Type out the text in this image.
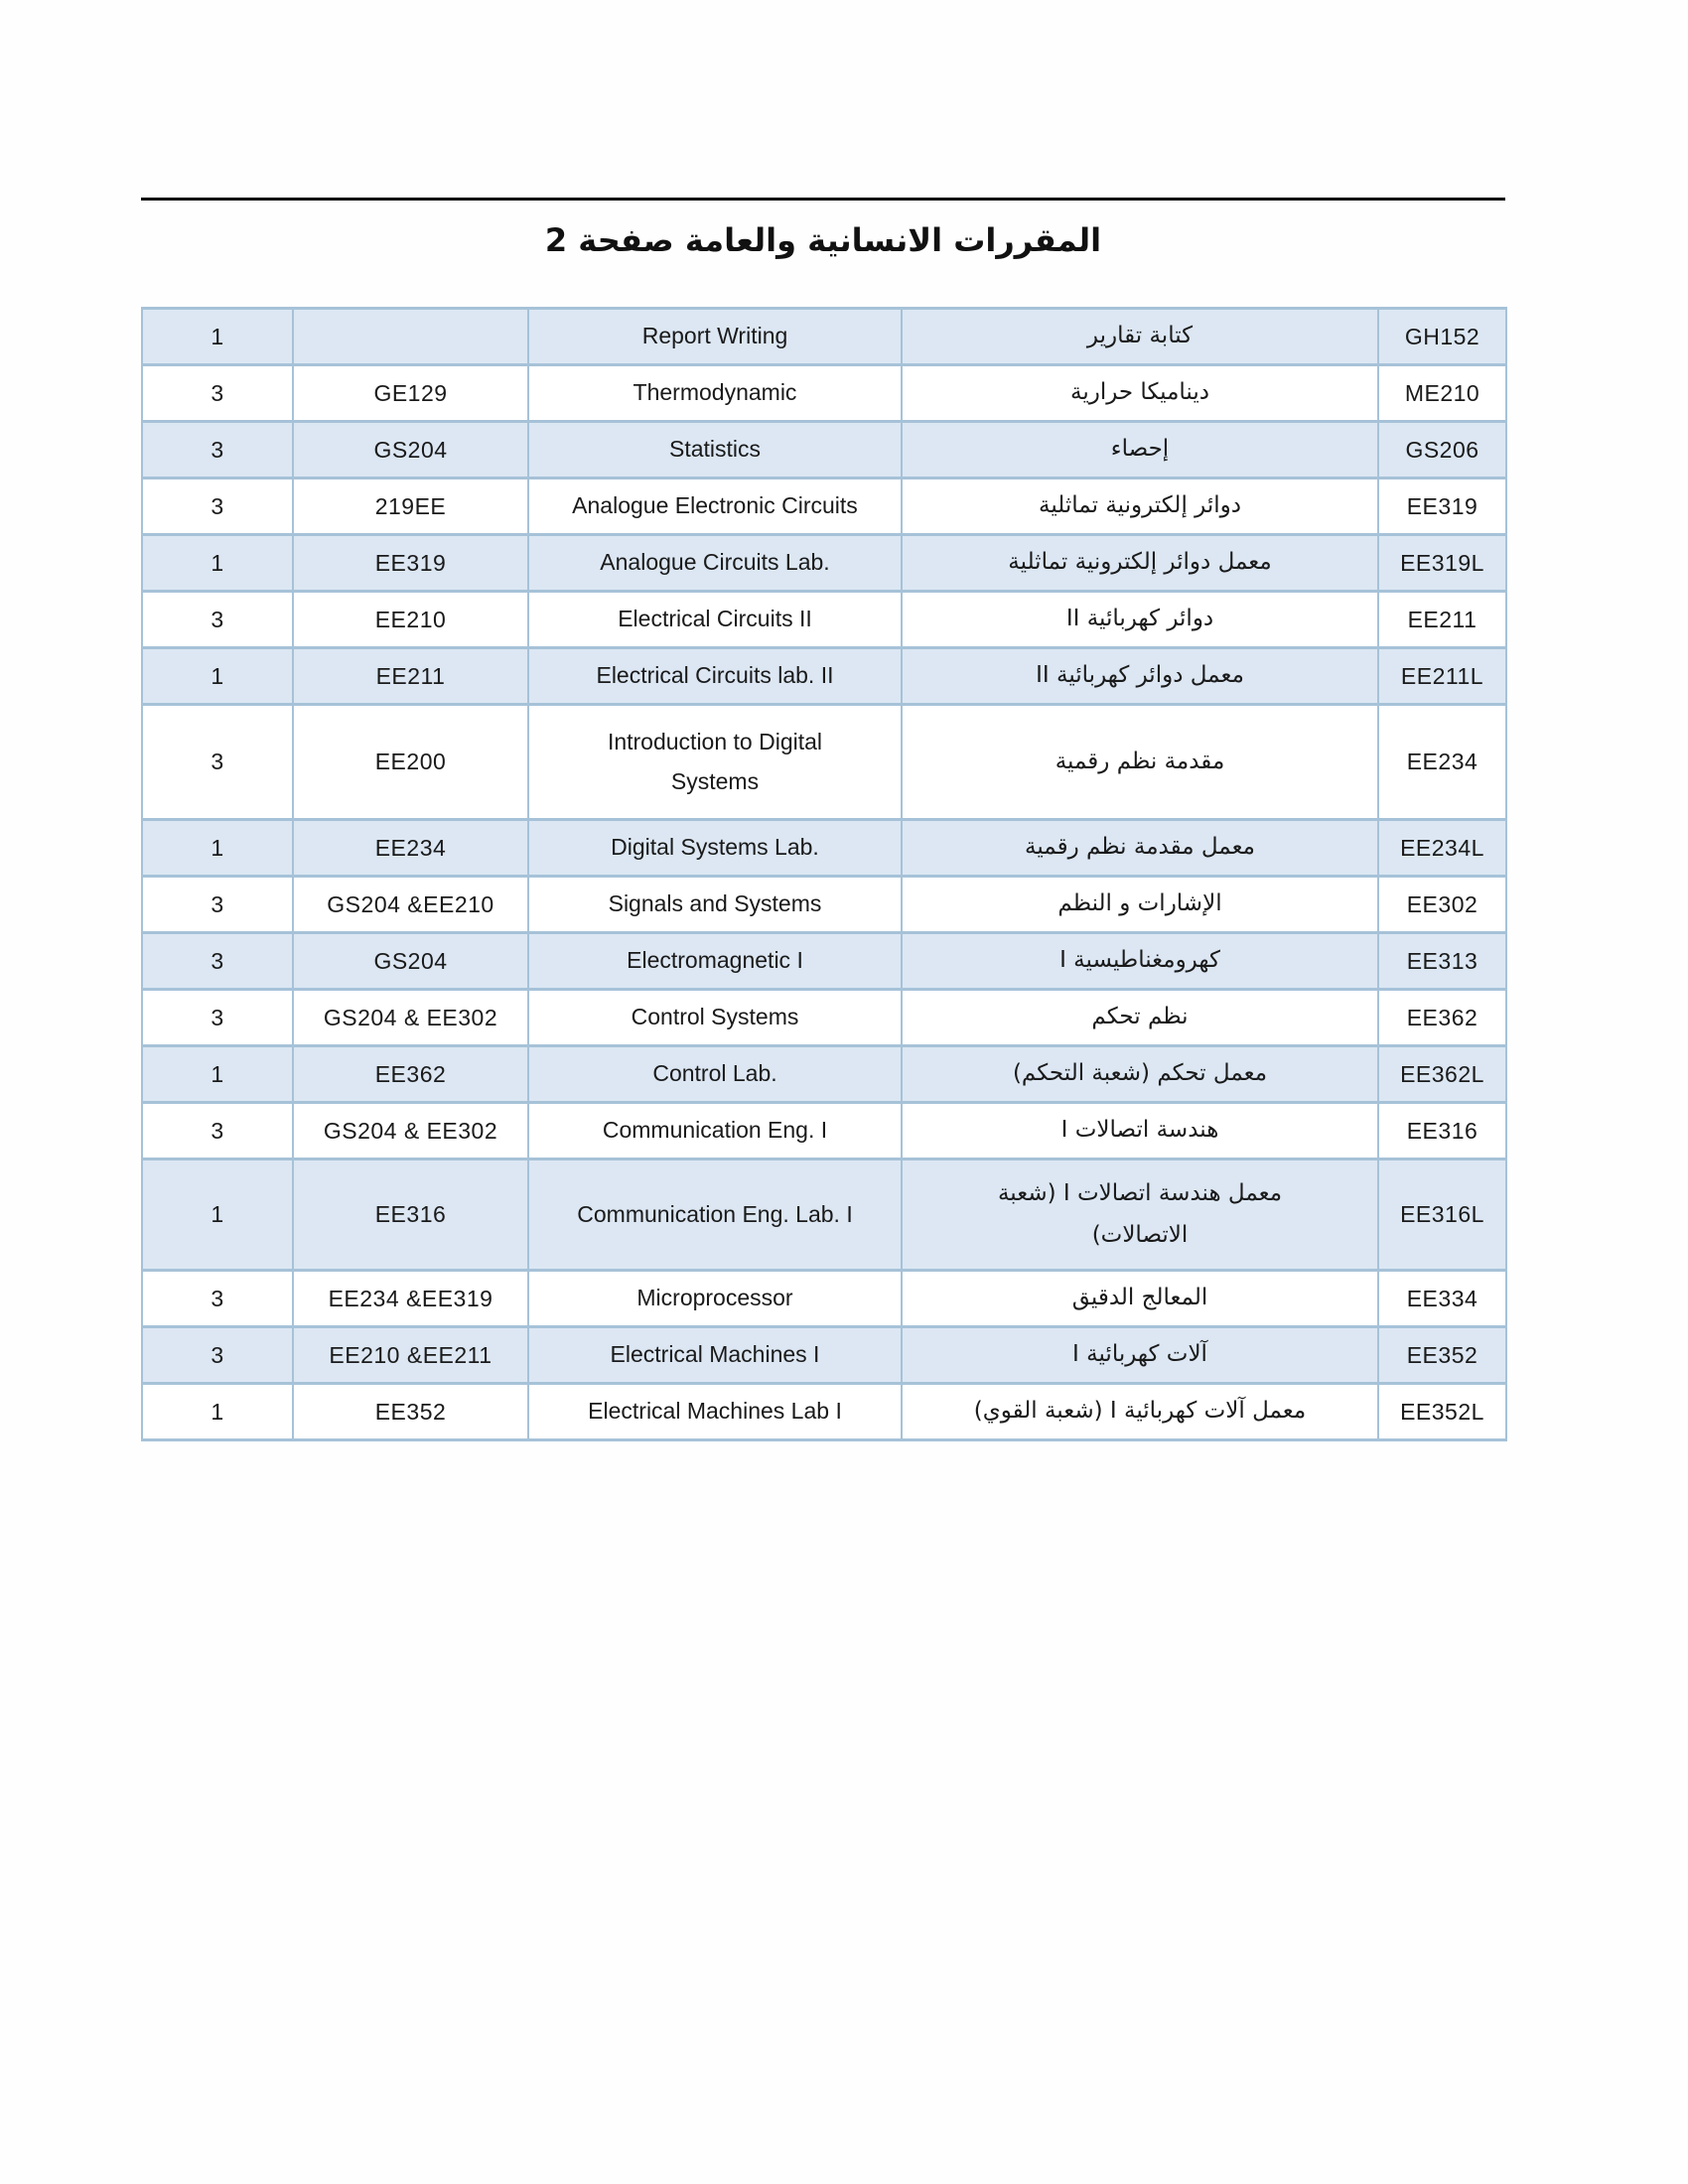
المقررات الانسانية والعامة صفحة 2
1		Report Writing	كتابة تقارير	GH152
3	GE129	Thermodynamic	ديناميكا حرارية	ME210
3	GS204	Statistics	إحصاء	GS206
3	219EE	Analogue Electronic Circuits	دوائر إلكترونية تماثلية	EE319
1	EE319	Analogue Circuits Lab.	معمل دوائر إلكترونية تماثلية	EE319L
3	EE210	Electrical Circuits II	دوائر كهربائية II	EE211
1	EE211	Electrical Circuits lab. II	معمل دوائر كهربائية II	EE211L
3	EE200	Introduction to Digital Systems	مقدمة نظم رقمية	EE234
1	EE234	Digital Systems Lab.	معمل مقدمة نظم رقمية	EE234L
3	GS204 &EE210	Signals and Systems	الإشارات و النظم	EE302
3	GS204	Electromagnetic I	كهرومغناطيسية I	EE313
3	GS204 & EE302	Control Systems	نظم تحكم	EE362
1	EE362	Control Lab.	معمل تحكم (شعبة التحكم)	EE362L
3	GS204 & EE302	Communication Eng. I	هندسة اتصالات I	EE316
1	EE316	Communication Eng. Lab. I	معمل هندسة اتصالات I (شعبة الاتصالات)	EE316L
3	EE234 &EE319	Microprocessor	المعالج الدقيق	EE334
3	EE210 &EE211	Electrical Machines I	آلات كهربائية I	EE352
1	EE352	Electrical Machines Lab I	معمل آلات كهربائية I (شعبة القوي)	EE352L
